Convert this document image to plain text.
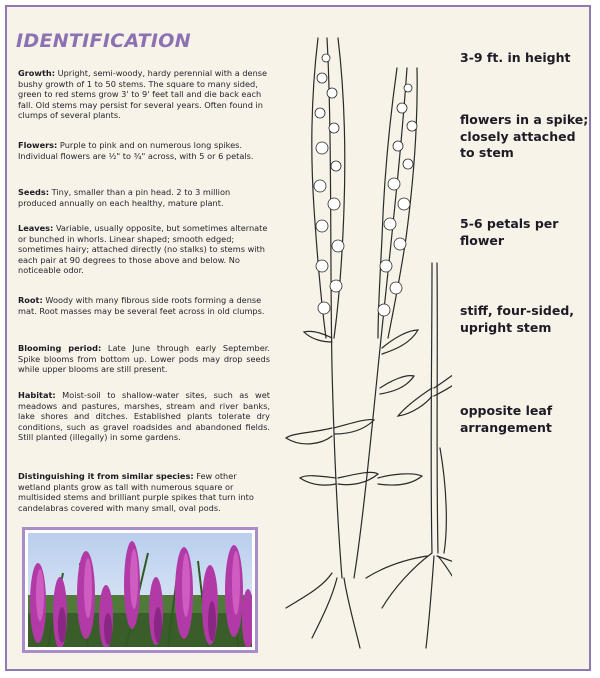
IDENTIFICATION
Growth: Upright, semi-woody, hardy perennial with a dense bushy growth of 1 to 50 stems. The square to many sided, green to red stems grow 3' to 9' feet tall and die back each fall. Old stems may persist for several years. Often found in clumps of several plants.
Flowers: Purple to pink and on numerous long spikes. Individual flowers are ½" to ¾" across, with 5 or 6 petals.
Seeds: Tiny, smaller than a pin head. 2 to 3 million produced annually on each healthy, mature plant.
Leaves: Variable, usually opposite, but sometimes alternate or bunched in whorls. Linear shaped; smooth edged; sometimes hairy; attached directly (no stalks) to stems with each pair at 90 degrees to those above and below. No noticeable odor.
Root: Woody with many fibrous side roots forming a dense mat. Root masses may be several feet across in old clumps.
Blooming period: Late June through early September. Spike blooms from bottom up. Lower pods may drop seeds while upper blooms are still present.
Habitat: Moist-soil to shallow-water sites, such as wet meadows and pastures, marshes, stream and river banks, lake shores and ditches. Established plants tolerate dry conditions, such as gravel roadsides and abandoned fields. Still planted (illegally) in some gardens.
Distinguishing it from similar species: Few other wetland plants grow as tall with numerous square or multisided stems and brilliant purple spikes that turn into candelabras covered with many small, oval pods.
3-9 ft. in height
flowers in a spike; closely attached to stem
5-6 petals per flower
stiff, four-sided, upright stem
opposite leaf arrangement
